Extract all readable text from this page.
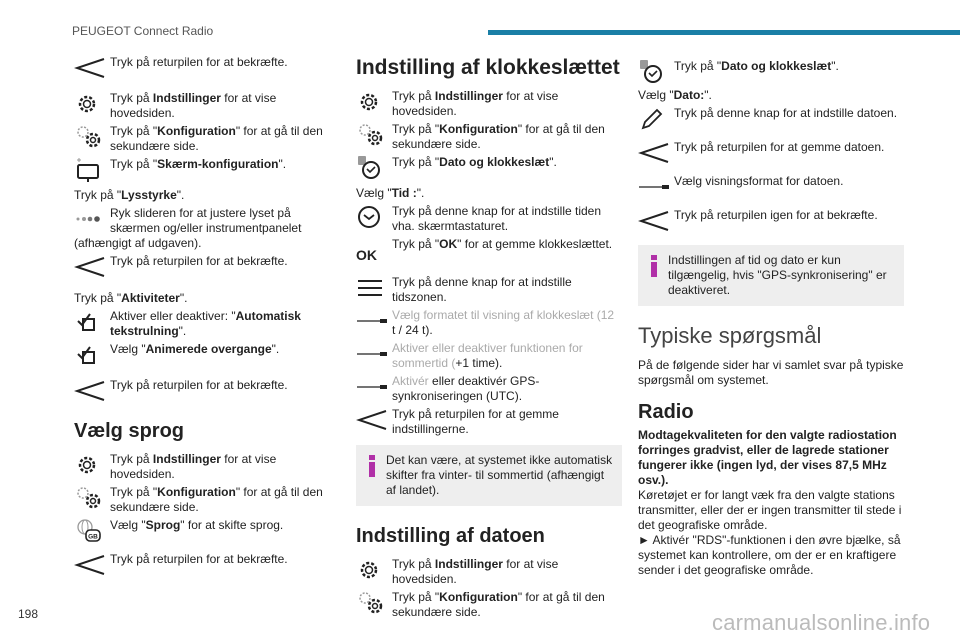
PEUGEOT Connect Radio
Tryk på returpilen for at bekræfte.
Tryk på Indstillinger for at vise hovedsiden.
Tryk på "Konfiguration" for at gå til den sekundære side.
Tryk på "Skærm-konfiguration".
Tryk på "Lysstyrke".
Ryk slideren for at justere lyset på skærmen og/eller instrumentpanelet
(afhængigt af udgaven).
Tryk på returpilen for at bekræfte.
Tryk på "Aktiviteter".
Aktiver eller deaktiver: "Automatisk tekstrulning".
Vælg "Animerede overgange".
Tryk på returpilen for at bekræfte.
Vælg sprog
Tryk på Indstillinger for at vise hovedsiden.
Tryk på "Konfiguration" for at gå til den sekundære side.
GB
Vælg "Sprog" for at skifte sprog.
Tryk på returpilen for at bekræfte.
Indstilling af klokkeslættet
Tryk på Indstillinger for at vise hovedsiden.
Tryk på "Konfiguration" for at gå til den sekundære side.
Tryk på "Dato og klokkeslæt".
Vælg "Tid :".
Tryk på denne knap for at indstille tiden vha. skærmtastaturet.
OK
Tryk på "OK" for at gemme klokkeslættet.
Tryk på denne knap for at indstille tidszonen.
Vælg formatet til visning af klokkeslæt (12
t / 24 t).
Aktiver eller deaktiver funktionen for sommertid (+1 time).
Aktivér eller deaktivér GPS-synkroniseringen (UTC).
Tryk på returpilen for at gemme indstillingerne.
Det kan være, at systemet ikke automatisk skifter fra vinter- til sommertid (afhængigt af landet).
Indstilling af datoen
Tryk på Indstillinger for at vise hovedsiden.
Tryk på "Konfiguration" for at gå til den sekundære side.
Tryk på "Dato og klokkeslæt".
Vælg "Dato:".
Tryk på denne knap for at indstille datoen.
Tryk på returpilen for at gemme datoen.
Vælg visningsformat for datoen.
Tryk på returpilen igen for at bekræfte.
Indstillingen af tid og dato er kun tilgængelig, hvis "GPS-synkronisering" er deaktiveret.
Typiske spørgsmål
På de følgende sider har vi samlet svar på typiske spørgsmål om systemet.
Radio
Modtagekvaliteten for den valgte radiostation forringes gradvist, eller de lagrede stationer fungerer ikke (ingen lyd, der vises 87,5 MHz osv.).
Køretøjet er for langt væk fra den valgte stations transmitter, eller der er ingen transmitter til stede i det geografiske område.
► Aktivér "RDS"-funktionen i den øvre bjælke, så systemet kan kontrollere, om der er en kraftigere sender i det geografiske område.
198	carmanualsonline.info
